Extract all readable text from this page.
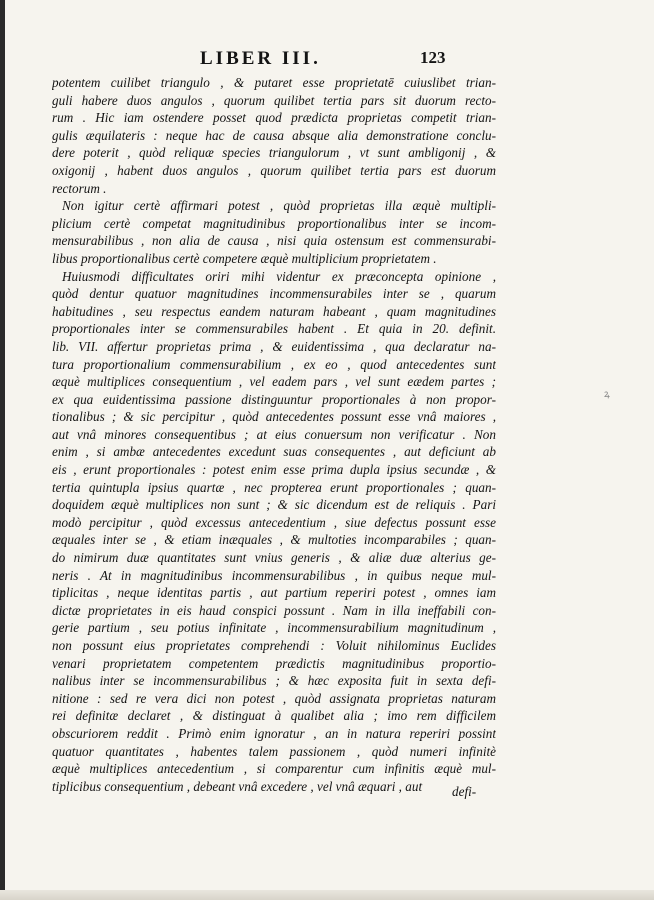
LIBER III.	123
potentem cuilibet triangulo , & putaret esse proprietatē cuiuslibet trian-
guli habere duos angulos , quorum quilibet tertia pars sit duorum recto-
rum . Hic iam ostendere posset quod prædicta proprietas competit trian-
gulis æquilateris : neque hac de causa absque alia demonstratione conclu-
dere poterit , quòd reliquæ species triangulorum , vt sunt ambligonij , &
oxigonij , habent duos angulos , quorum quilibet tertia pars est duorum
rectorum .
Non igitur certè affirmari potest , quòd proprietas illa æquè multipli-
plicium certè competat magnitudinibus proportionalibus inter se incom-
mensurabilibus , non alia de causa , nisi quia ostensum est commensurabi-
libus proportionalibus certè competere æquè multiplicium proprietatem .
Huiusmodi difficultates oriri mihi videntur ex præconcepta opinione ,
quòd dentur quatuor magnitudines incommensurabiles inter se , quarum
habitudines , seu respectus eandem naturam habeant , quam magnitudines
proportionales inter se commensurabiles habent . Et quia in 20. definit.
lib. VII. affertur proprietas prima , & euidentissima , qua declaratur na-
tura proportionalium commensurabilium , ex eo , quod antecedentes sunt
æquè multiplices consequentium , vel eadem pars , vel sunt eædem partes ;
ex qua euidentissima passione distinguuntur proportionales à non propor-
tionalibus ; & sic percipitur , quòd antecedentes possunt esse vnâ maiores ,
aut vnâ minores consequentibus ; at eius conuersum non verificatur . Non
enim , si ambæ antecedentes excedunt suas consequentes , aut deficiunt ab
eis , erunt proportionales : potest enim esse prima dupla ipsius secundæ , &
tertia quintupla ipsius quartæ , nec propterea erunt proportionales ; quan-
doquidem æquè multiplices non sunt ; & sic dicendum est de reliquis . Pari
modò percipitur , quòd excessus antecedentium , siue defectus possunt esse
æquales inter se , & etiam inæquales , & multoties incomparabiles ; quan-
do nimirum duæ quantitates sunt vnius generis , & aliæ duæ alterius ge-
neris . At in magnitudinibus incommensurabilibus , in quibus neque mul-
tiplicitas , neque identitas partis , aut partium reperiri potest , omnes iam
dictæ proprietates in eis haud conspici possunt . Nam in illa ineffabili con-
gerie partium , seu potius infinitate , incommensurabilium magnitudinum ,
non possunt eius proprietates comprehendi : Voluit nihilominus Euclides
venari proprietatem competentem prædictis magnitudinibus proportio-
nalibus inter se incommensurabilibus ; & hæc exposita fuit in sexta defi-
nitione : sed re vera dici non potest , quòd assignata proprietas naturam
rei definitæ declaret , & distinguat à qualibet alia ; imo rem difficilem
obscuriorem reddit . Primò enim ignoratur , an in natura reperiri possint
quatuor quantitates , habentes talem passionem , quòd numeri infinitè
æquè multiplices antecedentium , si comparentur cum infinitis æquè mul-
tiplicibus consequentium , debeant vnâ excedere , vel vnâ æquari , aut	defi-
ꝝ
